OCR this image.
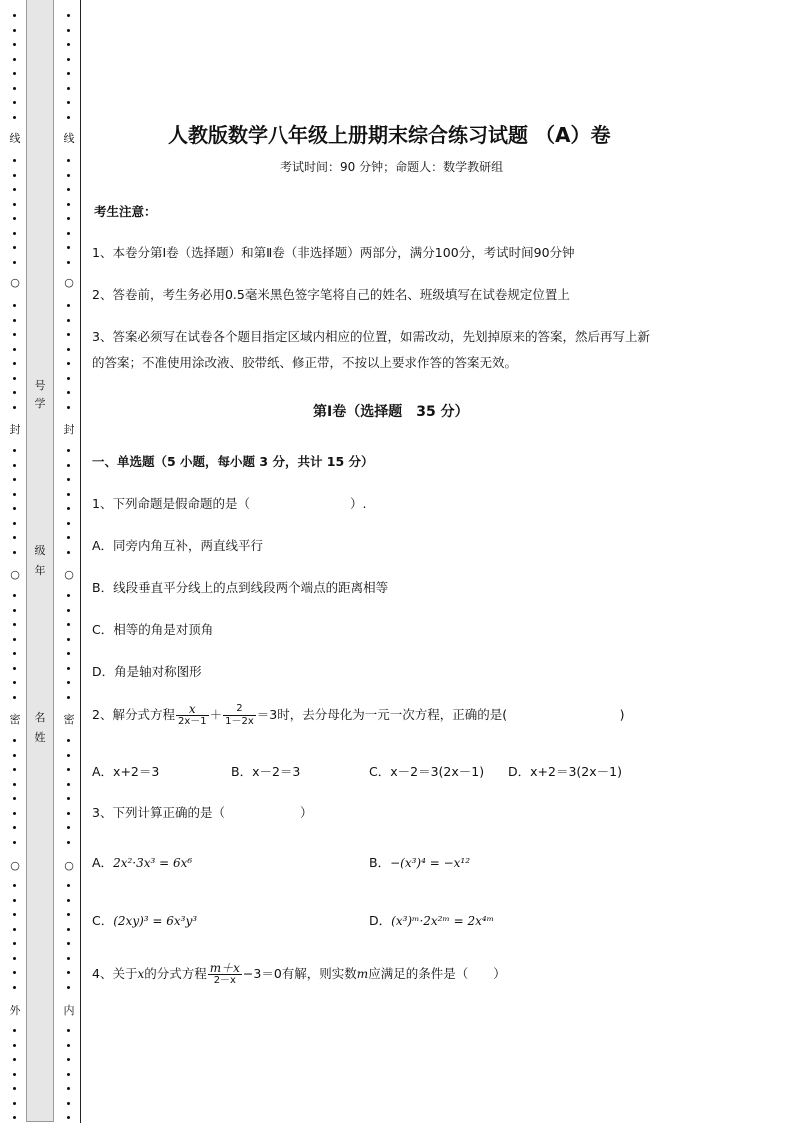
线
封
密
外
○
○
○
号
学
级
年
名
姓
线
封
密
内
○
○
○
人教版数学八年级上册期末综合练习试题 （A）卷
考试时间：90 分钟；命题人：数学教研组
考生注意：
1、本卷分第Ⅰ卷（选择题）和第Ⅱ卷（非选择题）两部分，满分100分，考试时间90分钟
2、答卷前，考生务必用0.5毫米黑色签字笔将自己的姓名、班级填写在试卷规定位置上
3、答案必须写在试卷各个题目指定区域内相应的位置，如需改动，先划掉原来的答案，然后再写上新
的答案；不准使用涂改液、胶带纸、修正带，不按以上要求作答的答案无效。
第Ⅰ卷（选择题　35 分）
一、单选题（5 小题，每小题 3 分，共计 15 分）
1、下列命题是假命题的是（　　　　　　　　）.
A．同旁内角互补，两直线平行
B．线段垂直平分线上的点到线段两个端点的距离相等
C．相等的角是对顶角
D．角是轴对称图形
2、解分式方程 $\frac{x}{2x-1} + \frac{2}{1-2x} =3$时，去分母化为一元一次方程，正确的是(　　　　　　　　　)
A．x+2＝3	B．x－2＝3	C．x－2＝3(2x－1) D．x+2＝3(2x－1)
3、下列计算正确的是（　　　　　　）
A．2x²·3x³ = 6x⁶	B．−(x³)⁴ = −x¹²
C．(2xy)³ = 6x³y³	D．(x³)ᵐ·2x²ᵐ = 2x⁴ᵐ
4、关于x的分式方程 $\frac{m+x}{2-x} -3=0$有解，则实数m应满足的条件是（　　）
